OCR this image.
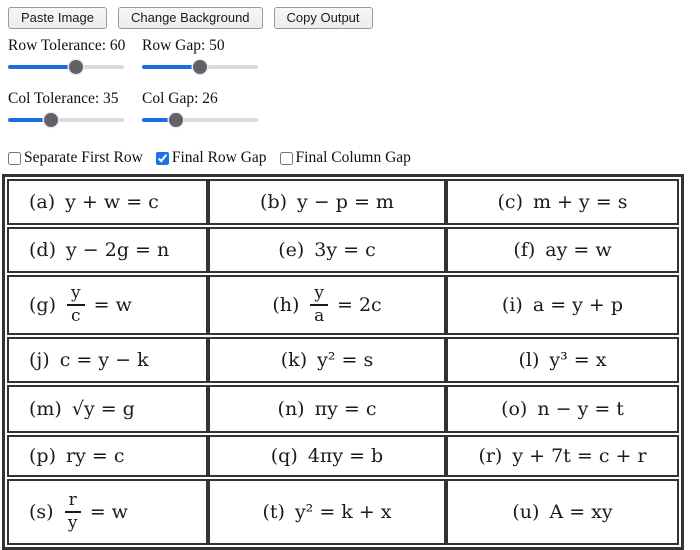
Paste Image	Change Background	Copy Output
Row Tolerance: 60 Row Gap: 50
Col Tolerance: 35	Col Gap: 26
Separate First Row Final Row Gap Final Column Gap
(a) y + w = c	(b) y − p = m	(c) m + y = s
(d) y − 2g = n	(e) 3y = c	(f) ay = w
$(g) \frac{y}{c} = w$	$(h) \frac{y}{a} = 2c$	(i) a = y + p
(j) c = y − k	(k) y² = s	(l) y³ = x
(m) √y = g	(n) πy = c	(o) n − y = t
(p) ry = c	(q) 4πy = b	(r) y + 7t = c + r
$(s) \frac{r}{y} = w$	(t) y² = k + x	(u) A = xy
